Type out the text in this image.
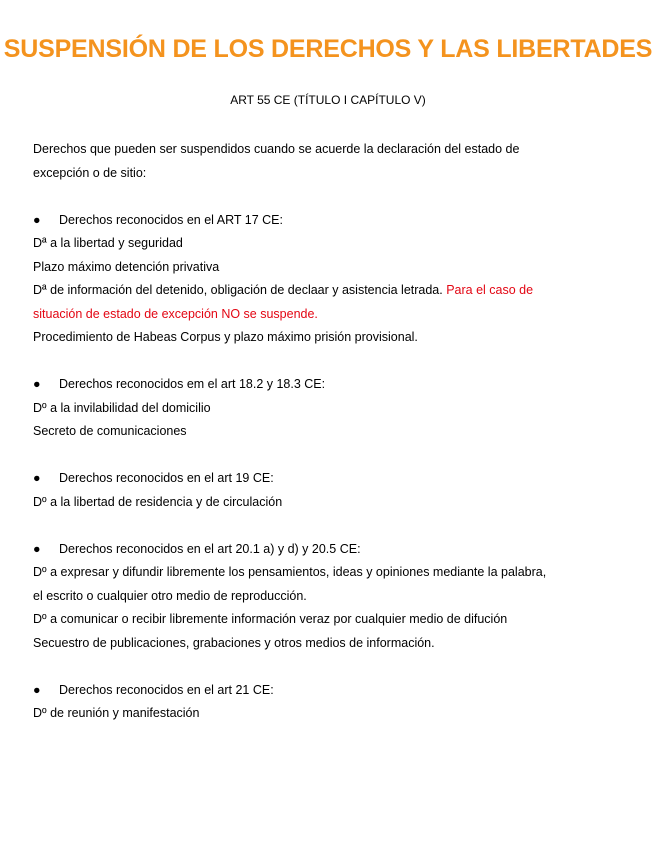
SUSPENSIÓN DE LOS DERECHOS Y LAS LIBERTADES

ART 55 CE (TÍTULO I CAPÍTULO V)

Derechos que pueden ser suspendidos cuando se acuerde la declaración del estado de
excepción o de sitio:
● Derechos reconocidos en el ART 17 CE:
Dª a la libertad y seguridad
Plazo máximo detención privativa
Dª de información del detenido, obligación de declaar y asistencia letrada. Para el caso de
situación de estado de excepción NO se suspende.
Procedimiento de Habeas Corpus y plazo máximo prisión provisional.
● Derechos reconocidos em el art 18.2 y 18.3 CE:
Dº a la invilabilidad del domicilio
Secreto de comunicaciones
● Derechos reconocidos en el art 19 CE:
Dº a la libertad de residencia y de circulación
● Derechos reconocidos en el art 20.1 a) y d) y 20.5 CE:
Dº a expresar y difundir libremente los pensamientos, ideas y opiniones mediante la palabra,
el escrito o cualquier otro medio de reproducción.
Dº a comunicar o recibir libremente información veraz por cualquier medio de difución
Secuestro de publicaciones, grabaciones y otros medios de información.
● Derechos reconocidos en el art 21 CE:
Dº de reunión y manifestación
